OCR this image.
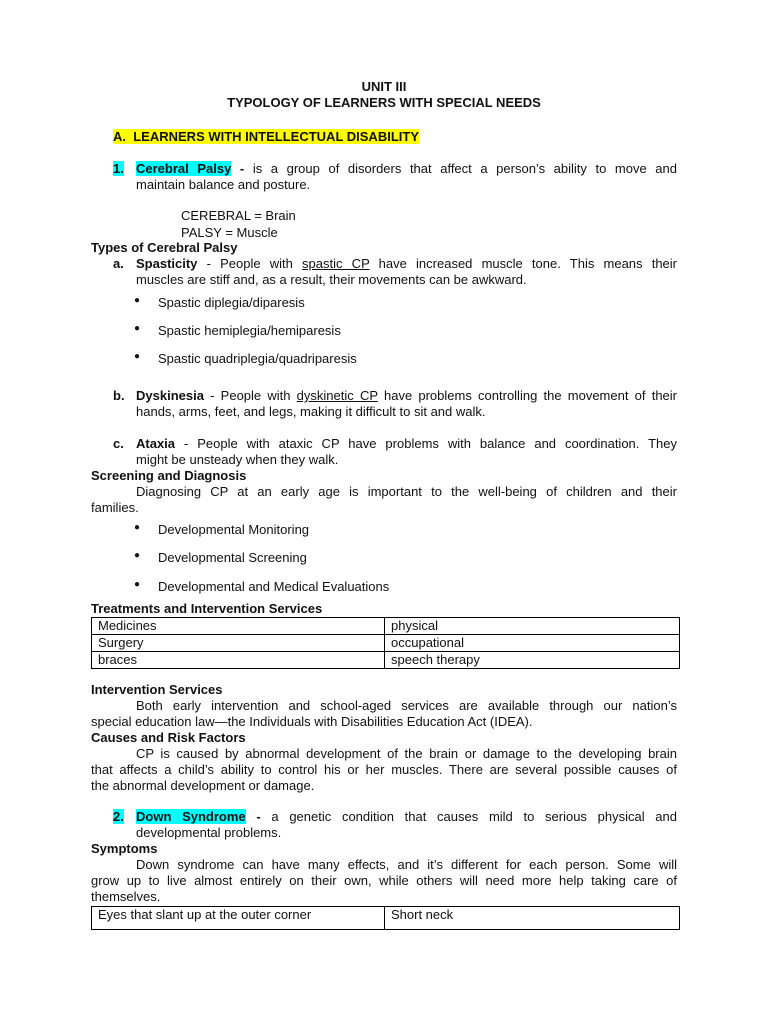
UNIT III
TYPOLOGY OF LEARNERS WITH SPECIAL NEEDS
A. LEARNERS WITH INTELLECTUAL DISABILITY
1. Cerebral Palsy - is a group of disorders that affect a person’s ability to move and
maintain balance and posture.
CEREBRAL = Brain
PALSY = Muscle
Types of Cerebral Palsy
a. Spasticity - People with spastic CP have increased muscle tone. This means their
muscles are stiff and, as a result, their movements can be awkward.
● Spastic diplegia/diparesis
● Spastic hemiplegia/hemiparesis
● Spastic quadriplegia/quadriparesis
b. Dyskinesia - People with dyskinetic CP have problems controlling the movement of their
hands, arms, feet, and legs, making it difficult to sit and walk.
c. Ataxia - People with ataxic CP have problems with balance and coordination. They
might be unsteady when they walk.
Screening and Diagnosis
Diagnosing CP at an early age is important to the well-being of children and their
families.
● Developmental Monitoring
● Developmental Screening
● Developmental and Medical Evaluations
Treatments and Intervention Services
Medicines	physical
Surgery	occupational
braces	speech therapy
Intervention Services
Both early intervention and school-aged services are available through our nation’s
special education law—the Individuals with Disabilities Education Act (IDEA).
Causes and Risk Factors
CP is caused by abnormal development of the brain or damage to the developing brain
that affects a child’s ability to control his or her muscles. There are several possible causes of
the abnormal development or damage.
2. Down Syndrome - a genetic condition that causes mild to serious physical and
developmental problems.
Symptoms
Down syndrome can have many effects, and it’s different for each person. Some will
grow up to live almost entirely on their own, while others will need more help taking care of
themselves.
Eyes that slant up at the outer corner	Short neck
